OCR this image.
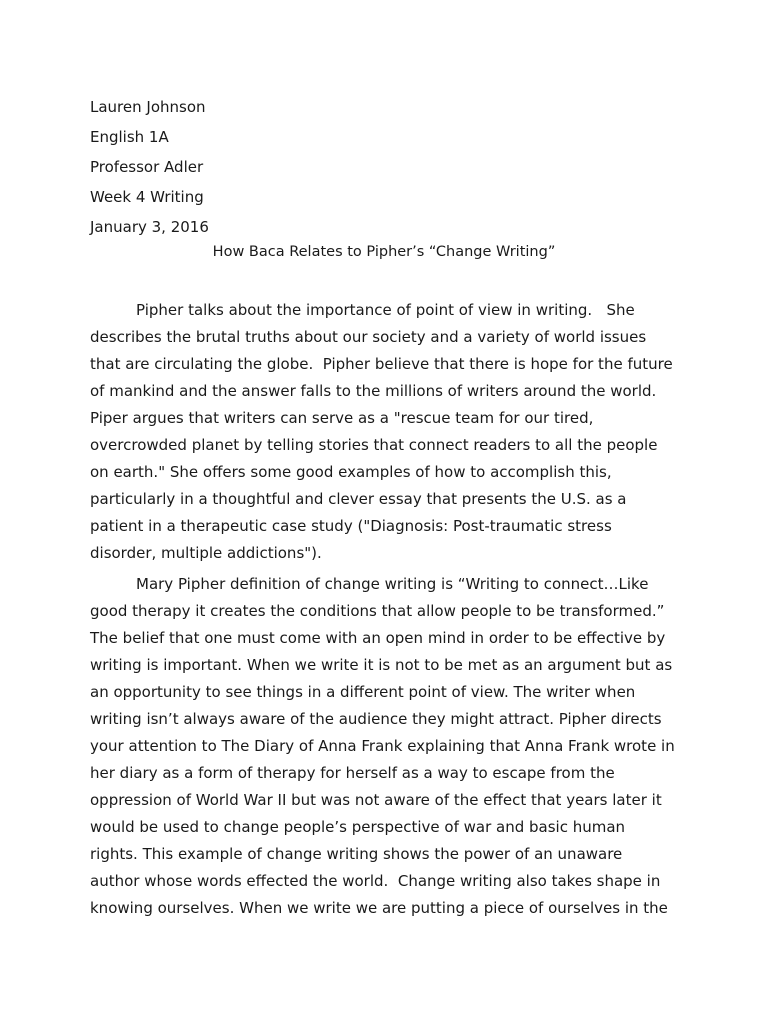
Lauren Johnson
English 1A
Professor Adler
Week 4 Writing
January 3, 2016
How Baca Relates to Pipher’s “Change Writing”
Pipher talks about the importance of point of view in writing.   She
describes the brutal truths about our society and a variety of world issues
that are circulating the globe.  Pipher believe that there is hope for the future
of mankind and the answer falls to the millions of writers around the world.
Piper argues that writers can serve as a "rescue team for our tired,
overcrowded planet by telling stories that connect readers to all the people
on earth." She offers some good examples of how to accomplish this,
particularly in a thoughtful and clever essay that presents the U.S. as a
patient in a therapeutic case study ("Diagnosis: Post-traumatic stress
disorder, multiple addictions").
Mary Pipher definition of change writing is “Writing to connect…Like
good therapy it creates the conditions that allow people to be transformed.”
The belief that one must come with an open mind in order to be effective by
writing is important. When we write it is not to be met as an argument but as
an opportunity to see things in a different point of view. The writer when
writing isn’t always aware of the audience they might attract. Pipher directs
your attention to The Diary of Anna Frank explaining that Anna Frank wrote in
her diary as a form of therapy for herself as a way to escape from the
oppression of World War II but was not aware of the effect that years later it
would be used to change people’s perspective of war and basic human
rights. This example of change writing shows the power of an unaware
author whose words effected the world.  Change writing also takes shape in
knowing ourselves. When we write we are putting a piece of ourselves in the
